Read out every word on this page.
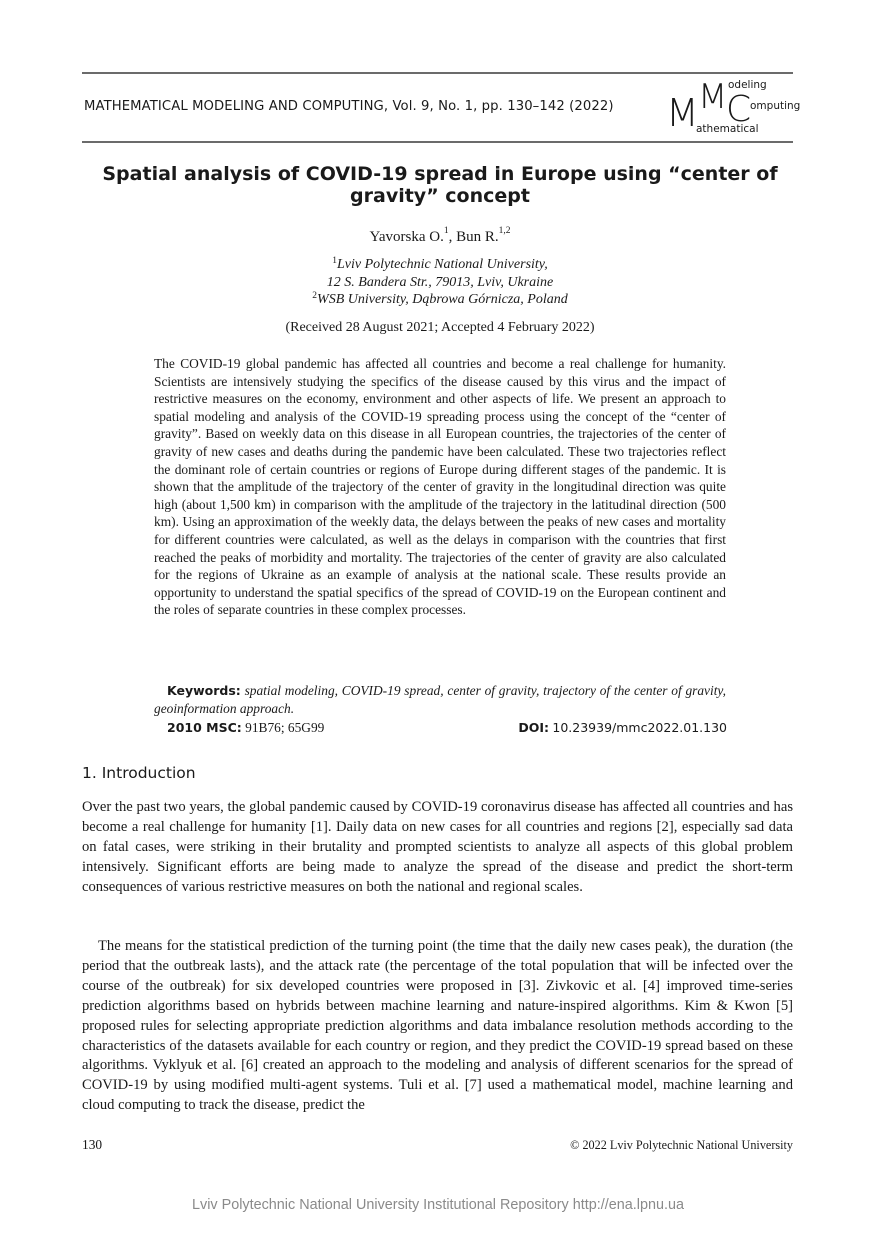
MATHEMATICAL MODELING AND COMPUTING, Vol. 9, No. 1, pp. 130–142 (2022) M M
C
odeling
omputing
athematical
Spatial analysis of COVID-19 spread in Europe using “center of gravity” concept
Yavorska O.$^1$, Bun R.$^{1,2}$
$^1$Lviv Polytechnic National University,
12 S. Bandera Str., 79013, Lviv, Ukraine
$^2$WSB University, Dąbrowa Górnicza, Poland
(Received 28 August 2021; Accepted 4 February 2022)
The COVID-19 global pandemic has affected all countries and become a real challenge for humanity. Scientists are intensively studying the specifics of the disease caused by this virus and the impact of restrictive measures on the economy, environment and other aspects of life. We present an approach to spatial modeling and analysis of the COVID-19 spreading process using the concept of the “center of gravity”. Based on weekly data on this disease in all European countries, the trajectories of the center of gravity of new cases and deaths during the pandemic have been calculated. These two trajectories reflect the dominant role of certain countries or regions of Europe during different stages of the pandemic. It is shown that the amplitude of the trajectory of the center of gravity in the longitudinal direction was quite high (about 1,500 km) in comparison with the amplitude of the trajectory in the latitudinal direction (500 km). Using an approximation of the weekly data, the delays between the peaks of new cases and mortality for different countries were calculated, as well as the delays in comparison with the countries that first reached the peaks of morbidity and mortality. The trajectories of the center of gravity are also calculated for the regions of Ukraine as an example of analysis at the national scale. These results provide an opportunity to understand the spatial specifics of the spread of COVID-19 on the European continent and the roles of separate countries in these complex processes.
Keywords: spatial modeling, COVID-19 spread, center of gravity, trajectory of the center of gravity, geoinformation approach.
2010 MSC: 91B76; 65G99	DOI: 10.23939/mmc2022.01.130
1. Introduction
Over the past two years, the global pandemic caused by COVID-19 coronavirus disease has affected all countries and has become a real challenge for humanity [1]. Daily data on new cases for all countries and regions [2], especially sad data on fatal cases, were striking in their brutality and prompted scientists to analyze all aspects of this global problem intensively. Significant efforts are being made to analyze the spread of the disease and predict the short-term consequences of various restrictive measures on both the national and regional scales.
The means for the statistical prediction of the turning point (the time that the daily new cases peak), the duration (the period that the outbreak lasts), and the attack rate (the percentage of the total population that will be infected over the course of the outbreak) for six developed countries were proposed in [3]. Zivkovic et al. [4] improved time-series prediction algorithms based on hybrids between machine learning and nature-inspired algorithms. Kim & Kwon [5] proposed rules for selecting appropriate prediction algorithms and data imbalance resolution methods according to the characteristics of the datasets available for each country or region, and they predict the COVID-19 spread based on these algorithms. Vyklyuk et al. [6] created an approach to the modeling and analysis of different scenarios for the spread of COVID-19 by using modified multi-agent systems. Tuli et al. [7] used a mathematical model, machine learning and cloud computing to track the disease, predict the
130	© 2022 Lviv Polytechnic National University
Lviv Polytechnic National University Institutional Repository http://ena.lpnu.ua
